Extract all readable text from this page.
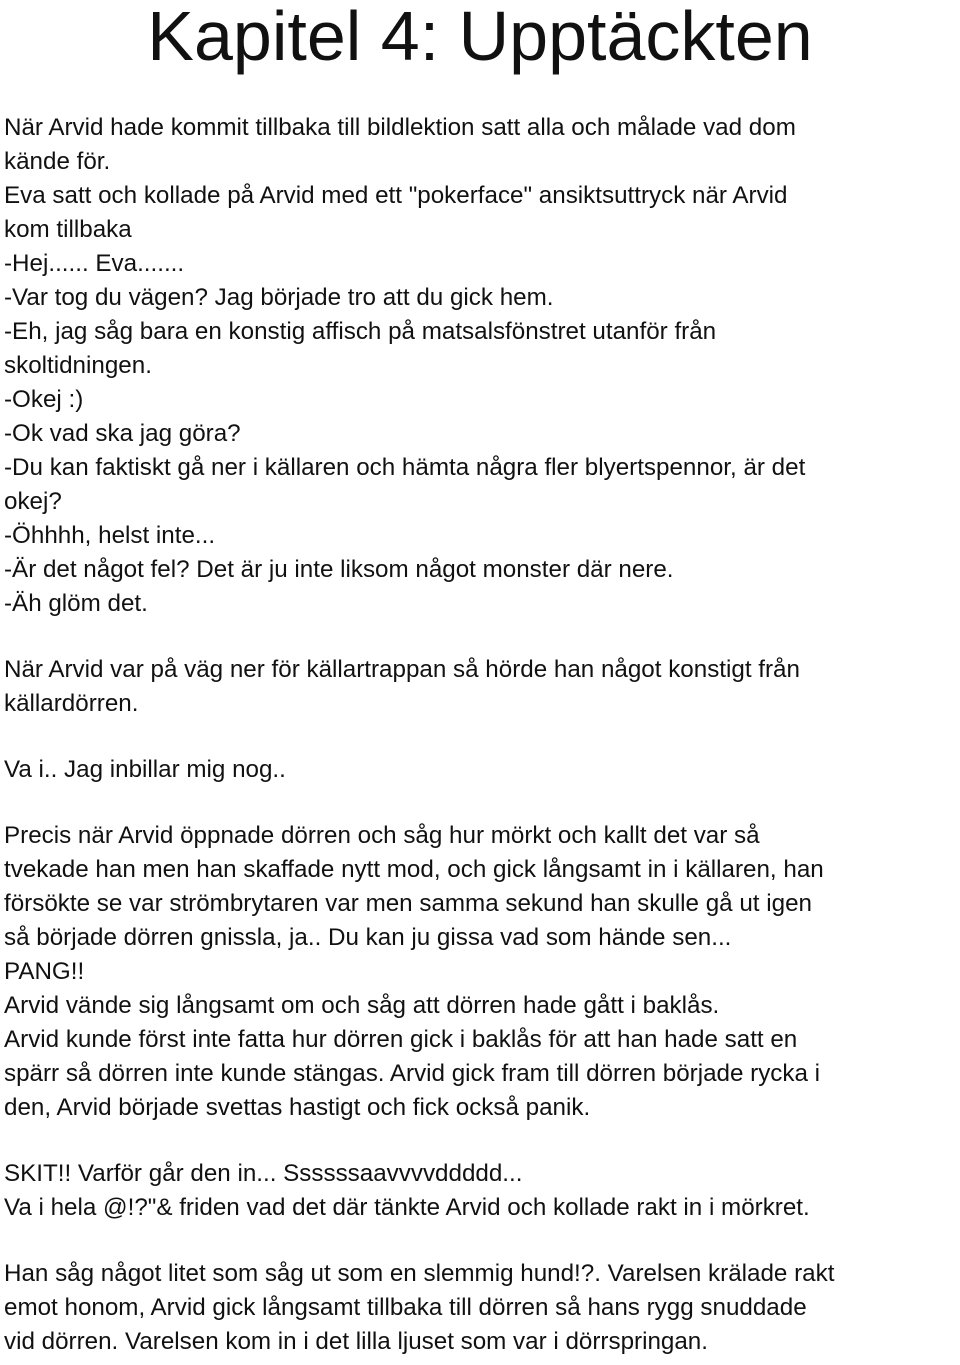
Kapitel 4: Upptäckten
När Arvid hade kommit tillbaka till bildlektion satt alla och målade vad dom
kände för.
Eva satt och kollade på Arvid med ett "pokerface" ansiktsuttryck när Arvid
kom tillbaka
-Hej...... Eva.......
-Var tog du vägen? Jag började tro att du gick hem.
-Eh, jag såg bara en konstig affisch på matsalsfönstret utanför från
skoltidningen.
-Okej :)
-Ok vad ska jag göra?
-Du kan faktiskt gå ner i källaren och hämta några fler blyertspennor, är det
okej?
-Öhhhh, helst inte...
-Är det något fel? Det är ju inte liksom något monster där nere.
-Äh glöm det.
När Arvid var på väg ner för källartrappan så hörde han något konstigt från
källardörren.
Va i.. Jag inbillar mig nog..
Precis när Arvid öppnade dörren och såg hur mörkt och kallt det var så
tvekade han men han skaffade nytt mod, och gick långsamt in i källaren, han
försökte se var strömbrytaren var men samma sekund han skulle gå ut igen
så började dörren gnissla, ja.. Du kan ju gissa vad som hände sen...
PANG!!
Arvid vände sig långsamt om och såg att dörren hade gått i baklås.
Arvid kunde först inte fatta hur dörren gick i baklås för att han hade satt en
spärr så dörren inte kunde stängas. Arvid gick fram till dörren började rycka i
den, Arvid började svettas hastigt och fick också panik.
SKIT!! Varför går den in... Ssssssaavvvvddddd...
Va i hela @!?"& friden vad det där tänkte Arvid och kollade rakt in i mörkret.
Han såg något litet som såg ut som en slemmig hund!?. Varelsen krälade rakt
emot honom, Arvid gick långsamt tillbaka till dörren så hans rygg snuddade
vid dörren. Varelsen kom in i det lilla ljuset som var i dörrspringan.
